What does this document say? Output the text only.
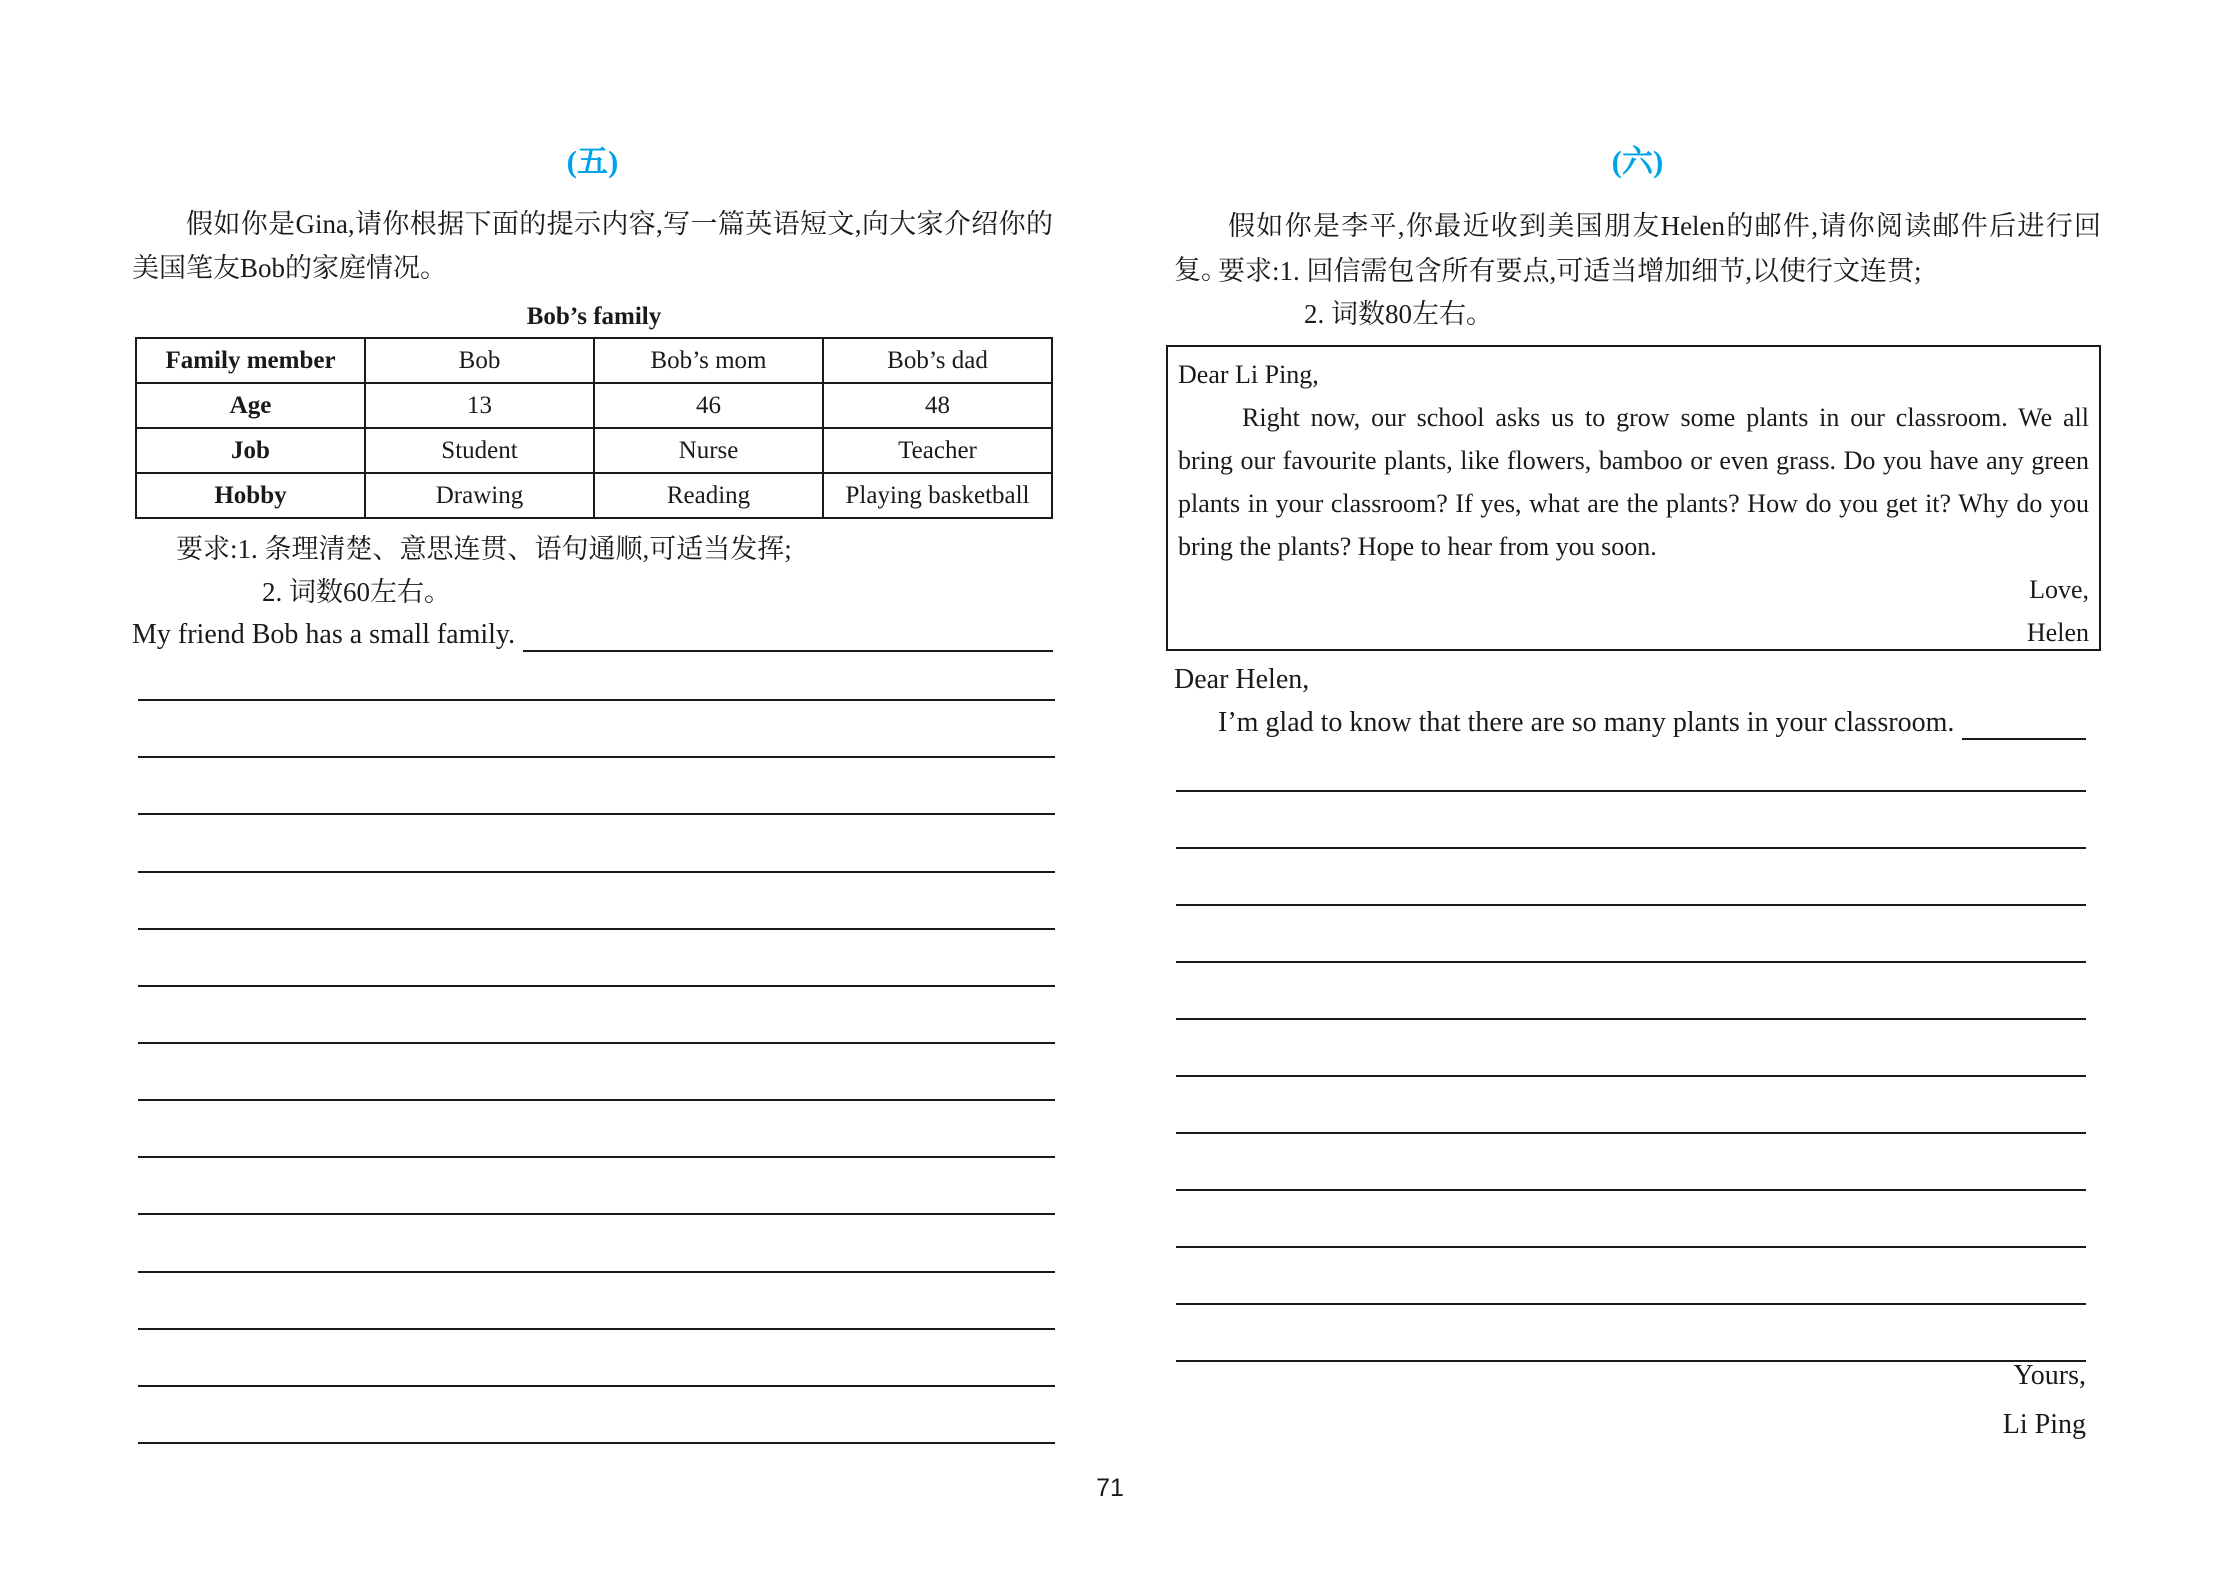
(五)

假如你是Gina,请你根据下面的提示内容,写一篇英语短文,向大家介绍你的美国笔友Bob的家庭情况。

Bob’s family
Family member	Bob	Bob’s mom	Bob’s dad
Age	13	46	48
Job	Student	Nurse	Teacher
Hobby	Drawing	Reading	Playing basketball
要求:1. 条理清楚、意思连贯、语句通顺,可适当发挥;
2. 词数60左右。
My friend Bob has a small family.
(六)

假如你是李平,你最近收到美国朋友Helen的邮件,请你阅读邮件后进行回复。

要求:1. 回信需包含所有要点,可适当增加细节,以使行文连贯;
2. 词数80左右。

Dear Li Ping,

Right now, our school asks us to grow some plants in our classroom. We all bring our favourite plants, like flowers, bamboo or even grass. Do you have any green plants in your classroom? If yes, what are the plants? How do you get it? Why do you bring the plants? Hope to hear from you soon.

Love,

Helen

Dear Helen,
I’m glad to know that there are so many plants in your classroom.
Yours,
Li Ping
71
